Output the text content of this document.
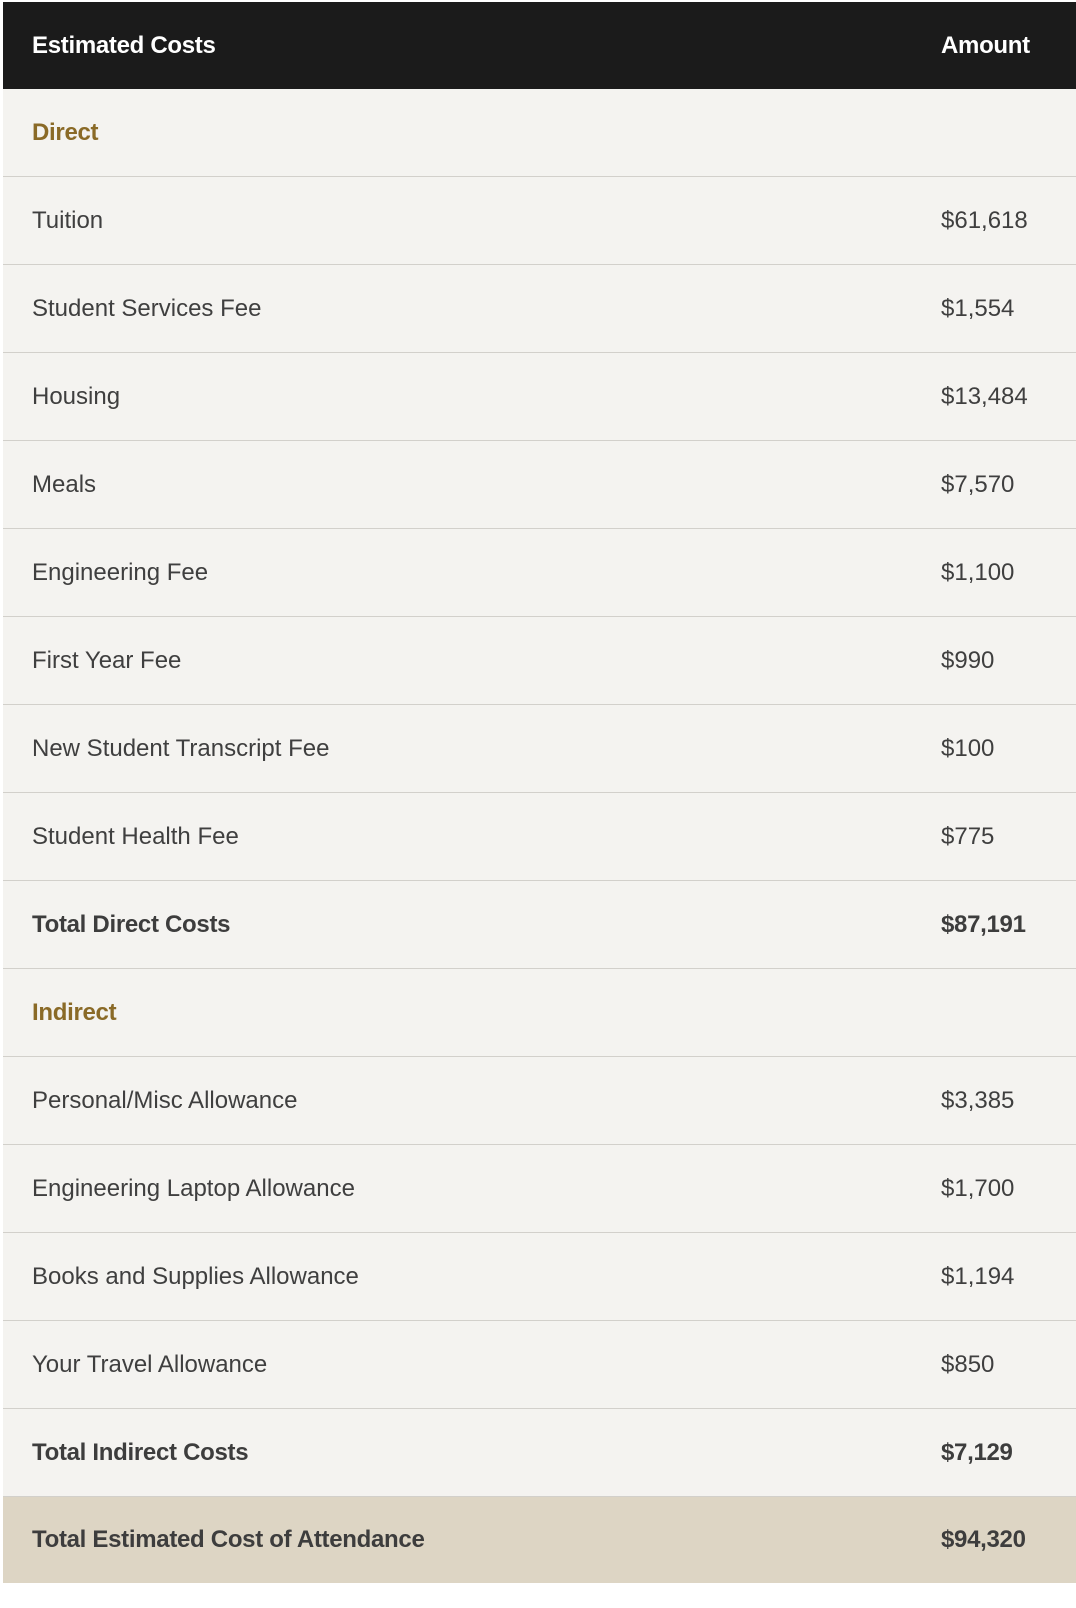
Estimated Costs	Amount
Direct
Tuition	$61,618
Student Services Fee	$1,554
Housing	$13,484
Meals	$7,570
Engineering Fee	$1,100
First Year Fee	$990
New Student Transcript Fee	$100
Student Health Fee	$775
Total Direct Costs	$87,191
Indirect
Personal/Misc Allowance	$3,385
Engineering Laptop Allowance	$1,700
Books and Supplies Allowance	$1,194
Your Travel Allowance	$850
Total Indirect Costs	$7,129
Total Estimated Cost of Attendance	$94,320
